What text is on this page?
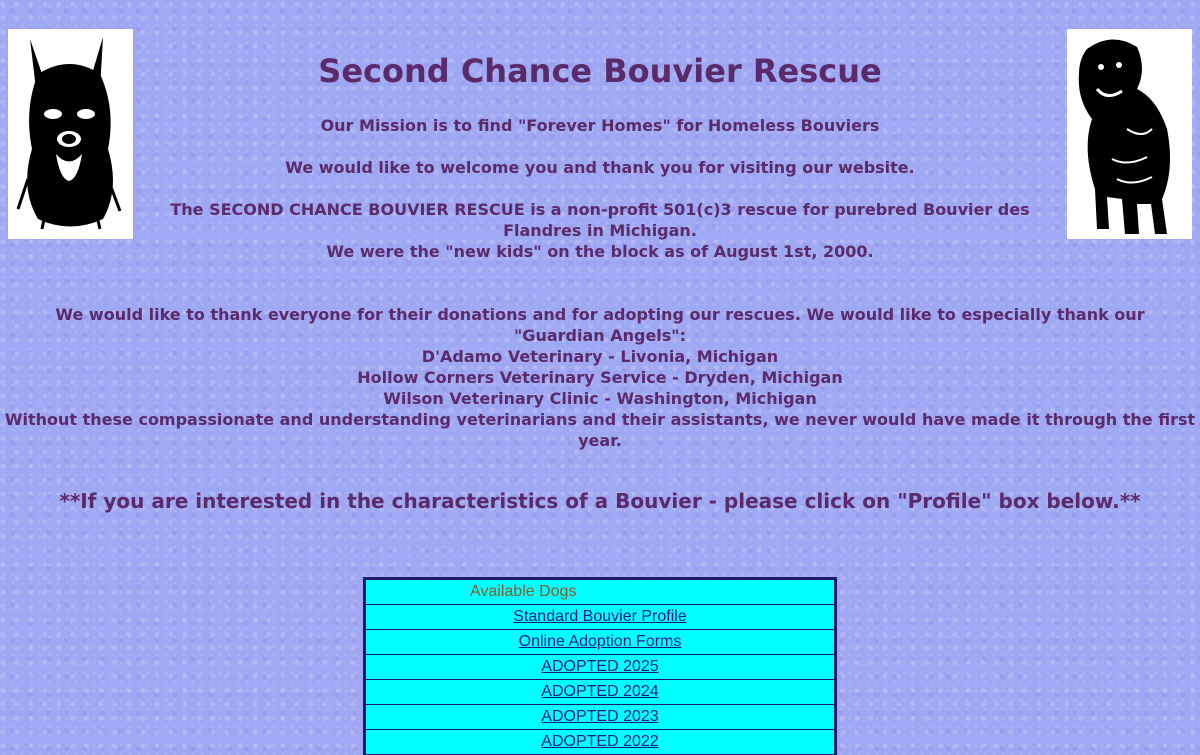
Second Chance Bouvier Rescue

Our Mission is to find "Forever Homes" for Homeless Bouviers

We would like to welcome you and thank you for visiting our website.

The SECOND CHANCE BOUVIER RESCUE is a non-profit 501(c)3 rescue for purebred Bouvier des Flandres in Michigan.

We were the "new kids" on the block as of August 1st, 2000.

We would like to thank everyone for their donations and for adopting our rescues. We would like to especially thank our "Guardian Angels":

D'Adamo Veterinary - Livonia, Michigan

Hollow Corners Veterinary Service - Dryden, Michigan

Wilson Veterinary Clinic - Washington, Michigan

Without these compassionate and understanding veterinarians and their assistants, we never would have made it through the first year.

**If you are interested in the characteristics of a Bouvier - please click on "Profile" box below.**

Available Dogs
Standard Bouvier Profile
Online Adoption Forms
ADOPTED 2025
ADOPTED 2024
ADOPTED 2023
ADOPTED 2022
